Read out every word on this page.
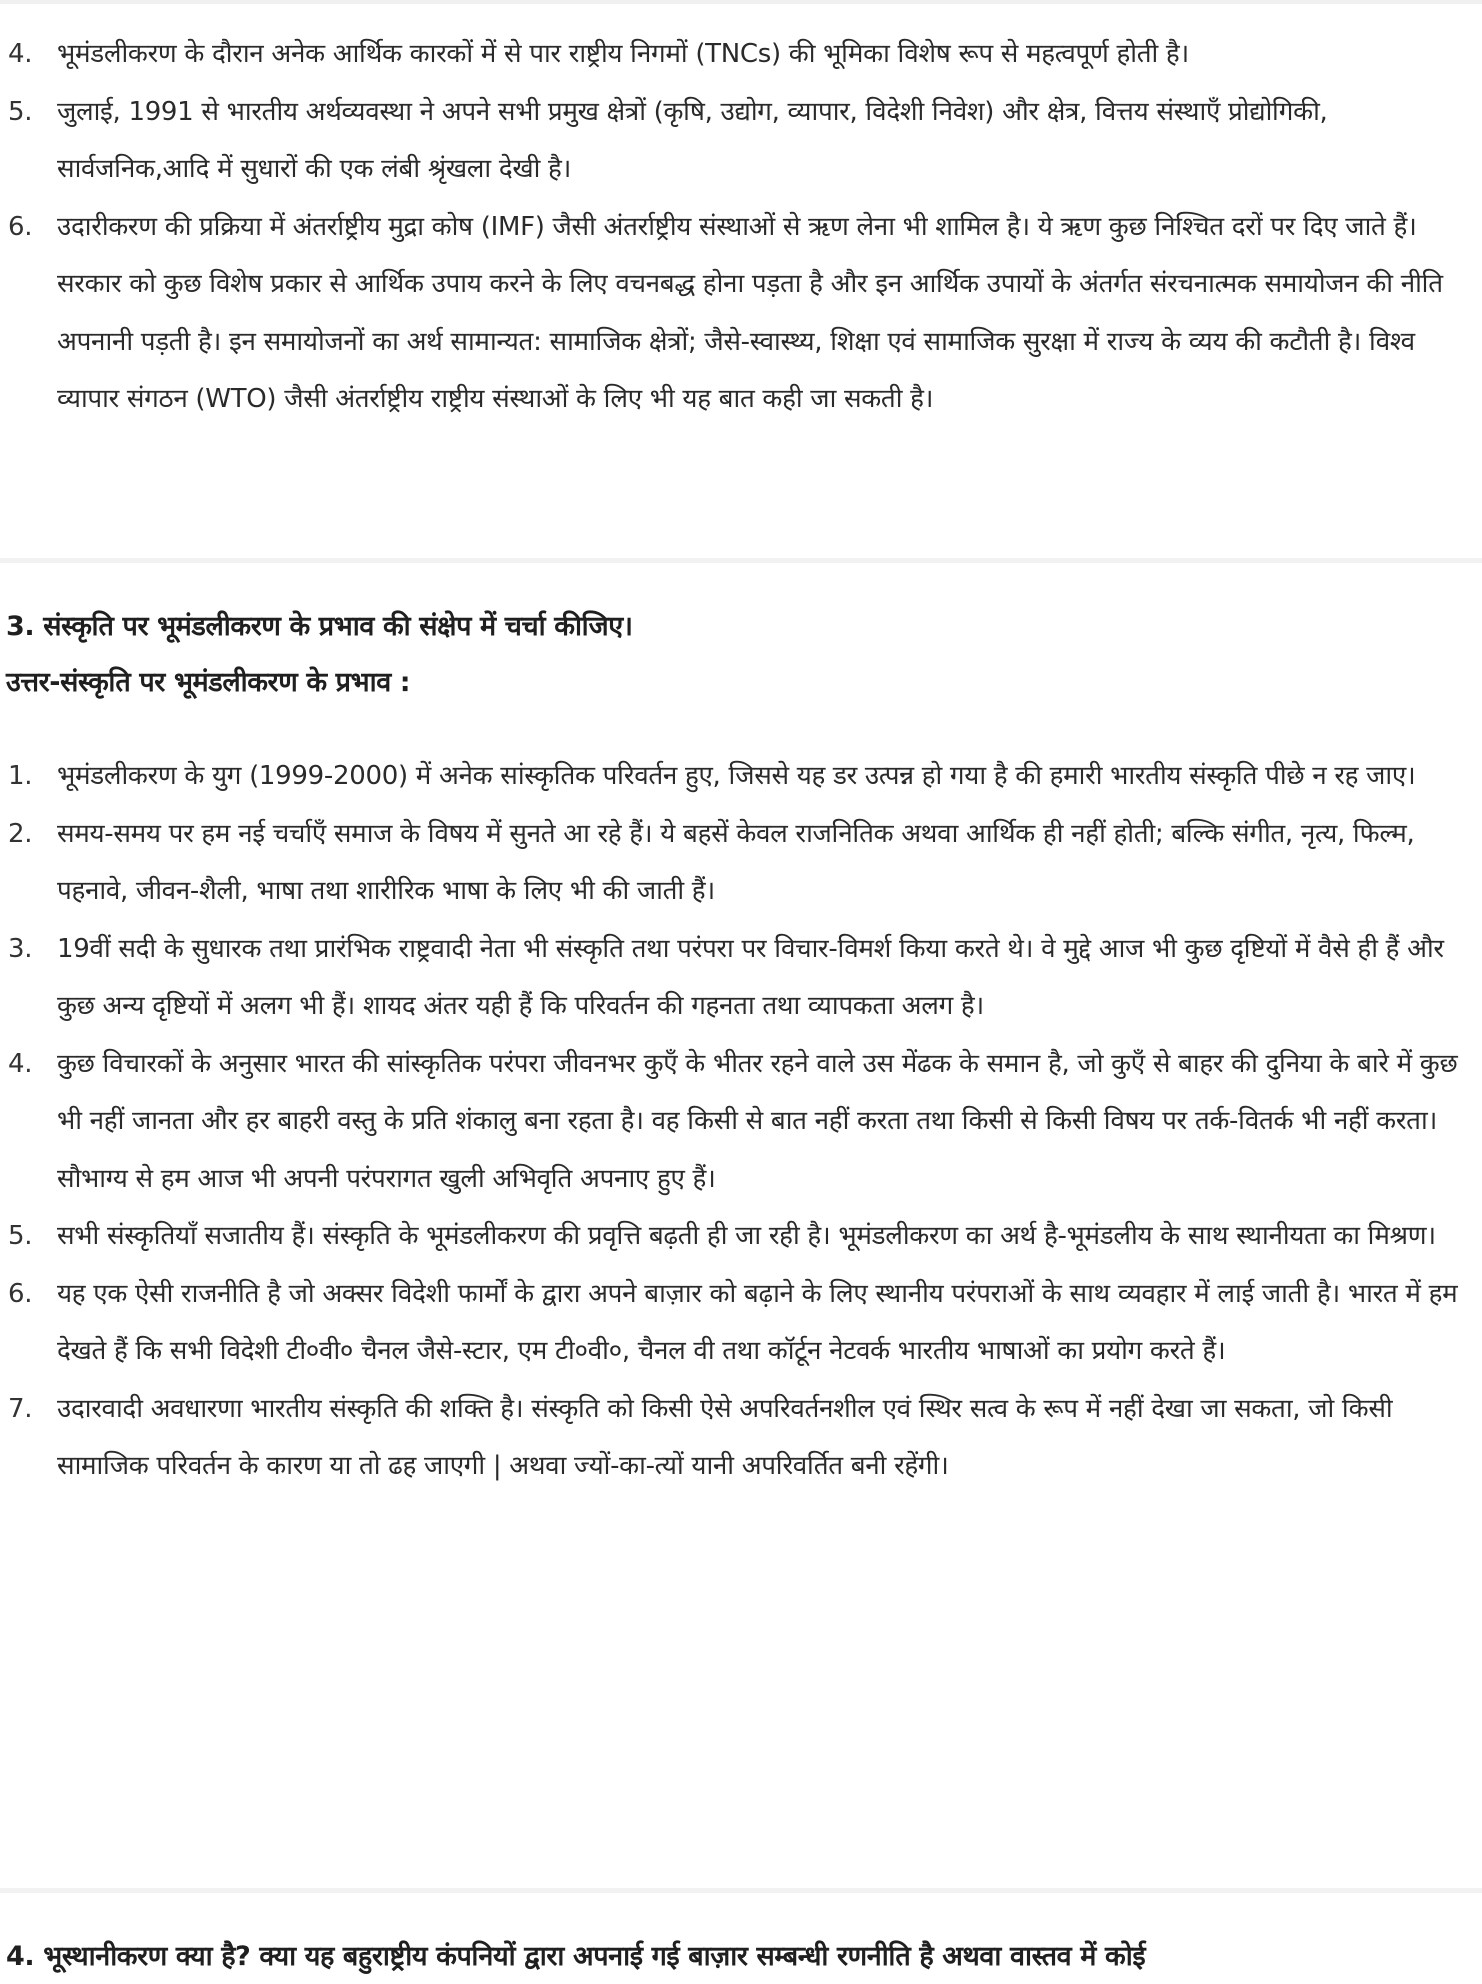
4. भूमंडलीकरण के दौरान अनेक आर्थिक कारकों में से पार राष्ट्रीय निगमों (TNCs) की भूमिका विशेष रूप से महत्वपूर्ण होती है।
5. जुलाई, 1991 से भारतीय अर्थव्यवस्था ने अपने सभी प्रमुख क्षेत्रों (कृषि, उद्योग, व्यापार, विदेशी निवेश) और क्षेत्र, वित्तय संस्थाएँ प्रोद्योगिकी, सार्वजनिक,आदि में सुधारों की एक लंबी श्रृंखला देखी है।
6. उदारीकरण की प्रक्रिया में अंतर्राष्ट्रीय मुद्रा कोष (IMF) जैसी अंतर्राष्ट्रीय संस्थाओं से ऋण लेना भी शामिल है। ये ऋण कुछ निश्चित दरों पर दिए जाते हैं। सरकार को कुछ विशेष प्रकार से आर्थिक उपाय करने के लिए वचनबद्ध होना पड़ता है और इन आर्थिक उपायों के अंतर्गत संरचनात्मक समायोजन की नीति अपनानी पड़ती है। इन समायोजनों का अर्थ सामान्यत: सामाजिक क्षेत्रों; जैसे-स्वास्थ्य, शिक्षा एवं सामाजिक सुरक्षा में राज्य के व्यय की कटौती है। विश्व व्यापार संगठन (WTO) जैसी अंतर्राष्ट्रीय राष्ट्रीय संस्थाओं के लिए भी यह बात कही जा सकती है।
3. संस्कृति पर भूमंडलीकरण के प्रभाव की संक्षेप में चर्चा कीजिए।
उत्तर-संस्कृति पर भूमंडलीकरण के प्रभाव :
1. भूमंडलीकरण के युग (1999-2000) में अनेक सांस्कृतिक परिवर्तन हुए, जिससे यह डर उत्पन्न हो गया है की हमारी भारतीय संस्कृति पीछे न रह जाए।
2. समय-समय पर हम नई चर्चाएँ समाज के विषय में सुनते आ रहे हैं। ये बहसें केवल राजनितिक अथवा आर्थिक ही नहीं होती; बल्कि संगीत, नृत्य, फिल्म, पहनावे, जीवन-शैली, भाषा तथा शारीरिक भाषा के लिए भी की जाती हैं।
3. 19वीं सदी के सुधारक तथा प्रारंभिक राष्ट्रवादी नेता भी संस्कृति तथा परंपरा पर विचार-विमर्श किया करते थे। वे मुद्दे आज भी कुछ दृष्टियों में वैसे ही हैं और कुछ अन्य दृष्टियों में अलग भी हैं। शायद अंतर यही हैं कि परिवर्तन की गहनता तथा व्यापकता अलग है।
4. कुछ विचारकों के अनुसार भारत की सांस्कृतिक परंपरा जीवनभर कुएँ के भीतर रहने वाले उस मेंढक के समान है, जो कुएँ से बाहर की दुनिया के बारे में कुछ भी नहीं जानता और हर बाहरी वस्तु के प्रति शंकालु बना रहता है। वह किसी से बात नहीं करता तथा किसी से किसी विषय पर तर्क-वितर्क भी नहीं करता। सौभाग्य से हम आज भी अपनी परंपरागत खुली अभिवृति अपनाए हुए हैं।
5. सभी संस्कृतियाँ सजातीय हैं। संस्कृति के भूमंडलीकरण की प्रवृत्ति बढ़ती ही जा रही है। भूमंडलीकरण का अर्थ है-भूमंडलीय के साथ स्थानीयता का मिश्रण।
6. यह एक ऐसी राजनीति है जो अक्सर विदेशी फार्मों के द्वारा अपने बाज़ार को बढ़ाने के लिए स्थानीय परंपराओं के साथ व्यवहार में लाई जाती है। भारत में हम देखते हैं कि सभी विदेशी टी०वी० चैनल जैसे-स्टार, एम टी०वी०, चैनल वी तथा कॉर्टून नेटवर्क भारतीय भाषाओं का प्रयोग करते हैं।
7. उदारवादी अवधारणा भारतीय संस्कृति की शक्ति है। संस्कृति को किसी ऐसे अपरिवर्तनशील एवं स्थिर सत्व के रूप में नहीं देखा जा सकता, जो किसी सामाजिक परिवर्तन के कारण या तो ढह जाएगी | अथवा ज्यों-का-त्यों यानी अपरिवर्तित बनी रहेंगी।
4. भूस्थानीकरण क्या है? क्या यह बहुराष्ट्रीय कंपनियों द्वारा अपनाई गई बाज़ार सम्बन्धी रणनीति है अथवा वास्तव में कोई
